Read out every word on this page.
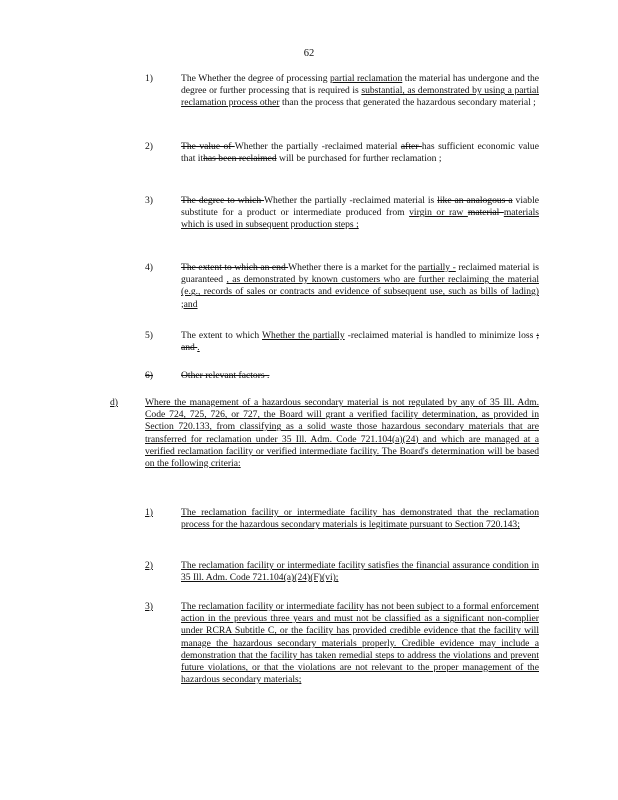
62
1)	The Whether the degree of processing partial reclamation the material has undergone and the degree or further processing that is required is substantial, as demonstrated by using a partial reclamation process other than the process that generated the hazardous secondary material ;
2)	The value of Whether the partially -reclaimed material after has sufficient economic value that ithas been reclaimed will be purchased for further reclamation ;
3)	The degree to which Whether the partially -reclaimed material is like an analogous a viable substitute for a product or intermediate produced from virgin or raw material materials which is used in subsequent production steps ;
4)	The extent to which an end Whether there is a market for the partially - reclaimed material is guaranteed , as demonstrated by known customers who are further reclaiming the material (e.g., records of sales or contracts and evidence of subsequent use, such as bills of lading) ;and
5)	The extent to which Whether the partially -reclaimed material is handled to minimize loss ; and .
6)	Other relevant factors .
d)	Where the management of a hazardous secondary material is not regulated by any of 35 Ill. Adm. Code 724, 725, 726, or 727, the Board will grant a verified facility determination, as provided in Section 720.133, from classifying as a solid waste those hazardous secondary materials that are transferred for reclamation under 35 Ill. Adm. Code 721.104(a)(24) and which are managed at a verified reclamation facility or verified intermediate facility. The Board's determination will be based on the following criteria:
1)	The reclamation facility or intermediate facility has demonstrated that the reclamation process for the hazardous secondary materials is legitimate pursuant to Section 720.143;
2)	The reclamation facility or intermediate facility satisfies the financial assurance condition in 35 Ill. Adm. Code 721.104(a)(24)(F)(vi);
3)	The reclamation facility or intermediate facility has not been subject to a formal enforcement action in the previous three years and must not be classified as a significant non-complier under RCRA Subtitle C, or the facility has provided credible evidence that the facility will manage the hazardous secondary materials properly. Credible evidence may include a demonstration that the facility has taken remedial steps to address the violations and prevent future violations, or that the violations are not relevant to the proper management of the hazardous secondary materials;
